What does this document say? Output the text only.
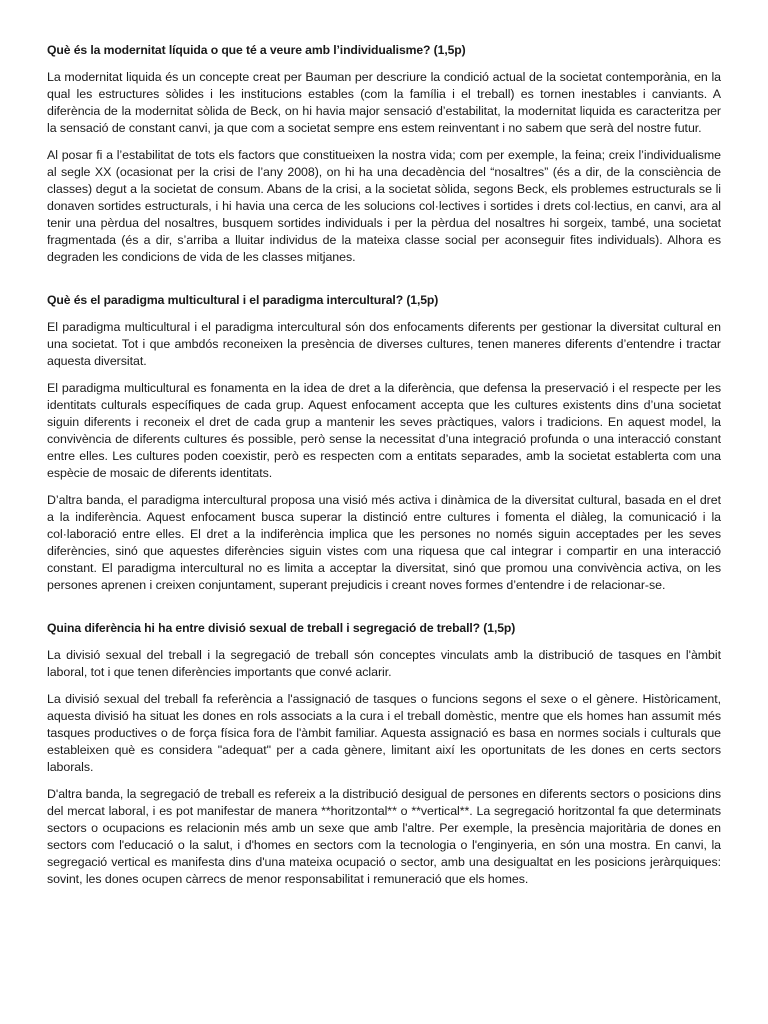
Què és la modernitat líquida o que té a veure amb l’individualisme? (1,5p)

La modernitat liquida és un concepte creat per Bauman per descriure la condició actual de la societat contemporània, en la qual les estructures sòlides i les institucions estables (com la família i el treball) es tornen inestables i canviants. A diferència de la modernitat sòlida de Beck, on hi havia major sensació d’estabilitat, la modernitat liquida es caracteritza per la sensació de constant canvi, ja que com a societat sempre ens estem reinventant i no sabem que serà del nostre futur.

Al posar fi a l’estabilitat de tots els factors que constitueixen la nostra vida; com per exemple, la feina; creix l’individualisme al segle XX (ocasionat per la crisi de l’any 2008), on hi ha una decadència del “nosaltres” (és a dir, de la consciència de classes) degut a la societat de consum. Abans de la crisi, a la societat sòlida, segons Beck, els problemes estructurals se li donaven sortides estructurals, i hi havia una cerca de les solucions col·lectives i sortides i drets col·lectius, en canvi, ara al tenir una pèrdua del nosaltres, busquem sortides individuals i per la pèrdua del nosaltres hi sorgeix, també, una societat fragmentada (és a dir, s’arriba a lluitar individus de la mateixa classe social per aconseguir fites individuals). Alhora es degraden les condicions de vida de les classes mitjanes.

Què és el paradigma multicultural i el paradigma intercultural? (1,5p)

El paradigma multicultural i el paradigma intercultural són dos enfocaments diferents per gestionar la diversitat cultural en una societat. Tot i que ambdós reconeixen la presència de diverses cultures, tenen maneres diferents d’entendre i tractar aquesta diversitat.

El paradigma multicultural es fonamenta en la idea de dret a la diferència, que defensa la preservació i el respecte per les identitats culturals específiques de cada grup. Aquest enfocament accepta que les cultures existents dins d’una societat siguin diferents i reconeix el dret de cada grup a mantenir les seves pràctiques, valors i tradicions. En aquest model, la convivència de diferents cultures és possible, però sense la necessitat d’una integració profunda o una interacció constant entre elles. Les cultures poden coexistir, però es respecten com a entitats separades, amb la societat establerta com una espècie de mosaic de diferents identitats.

D’altra banda, el paradigma intercultural proposa una visió més activa i dinàmica de la diversitat cultural, basada en el dret a la indiferència. Aquest enfocament busca superar la distinció entre cultures i fomenta el diàleg, la comunicació i la col·laboració entre elles. El dret a la indiferència implica que les persones no només siguin acceptades per les seves diferències, sinó que aquestes diferències siguin vistes com una riquesa que cal integrar i compartir en una interacció constant. El paradigma intercultural no es limita a acceptar la diversitat, sinó que promou una convivència activa, on les persones aprenen i creixen conjuntament, superant prejudicis i creant noves formes d’entendre i de relacionar-se.

Quina diferència hi ha entre divisió sexual de treball i segregació de treball? (1,5p)

La divisió sexual del treball i la segregació de treball són conceptes vinculats amb la distribució de tasques en l'àmbit laboral, tot i que tenen diferències importants que convé aclarir.

La divisió sexual del treball fa referència a l'assignació de tasques o funcions segons el sexe o el gènere. Històricament, aquesta divisió ha situat les dones en rols associats a la cura i el treball domèstic, mentre que els homes han assumit més tasques productives o de força física fora de l'àmbit familiar. Aquesta assignació es basa en normes socials i culturals que estableixen què es considera "adequat" per a cada gènere, limitant així les oportunitats de les dones en certs sectors laborals.

D'altra banda, la segregació de treball es refereix a la distribució desigual de persones en diferents sectors o posicions dins del mercat laboral, i es pot manifestar de manera **horitzontal** o **vertical**. La segregació horitzontal fa que determinats sectors o ocupacions es relacionin més amb un sexe que amb l'altre. Per exemple, la presència majoritària de dones en sectors com l'educació o la salut, i d'homes en sectors com la tecnologia o l'enginyeria, en són una mostra. En canvi, la segregació vertical es manifesta dins d'una mateixa ocupació o sector, amb una desigualtat en les posicions jeràrquiques: sovint, les dones ocupen càrrecs de menor responsabilitat i remuneració que els homes.
